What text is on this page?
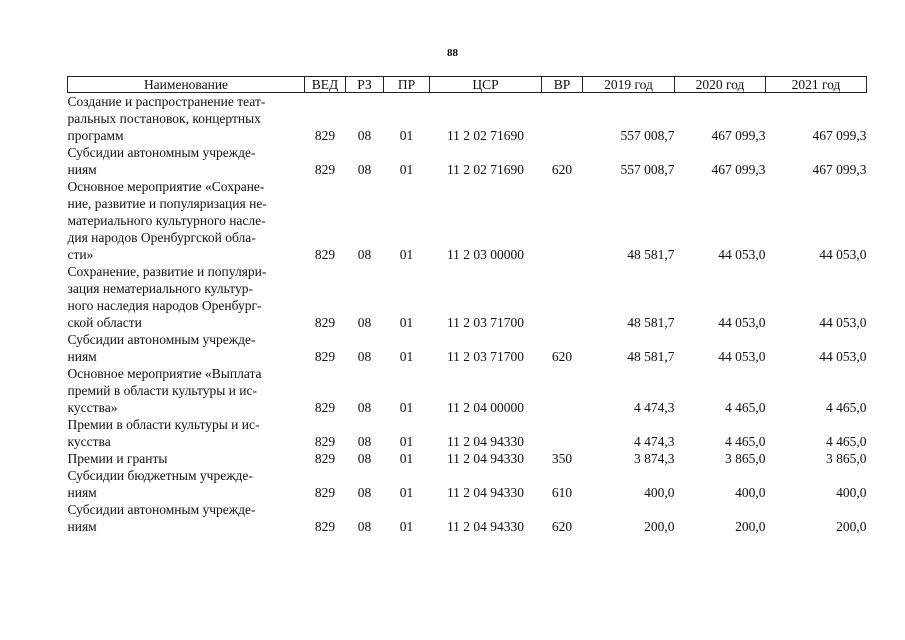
88
Наименование	ВЕД	РЗ	ПР	ЦСР	ВР	2019 год	2020 год	2021 год

Создание и распространение теат-
ральных постановок, концертных
программ	829	08	01	11 2 02 71690		557 008,7	467 099,3	467 099,3

Субсидии автономным учрежде-
ниям	829	08	01	11 2 02 71690	620	557 008,7	467 099,3	467 099,3

Основное мероприятие «Сохране-
ние, развитие и популяризация не-
материального культурного насле-
дия народов Оренбургской обла-
сти»	829	08	01	11 2 03 00000		48 581,7	44 053,0	44 053,0

Сохранение, развитие и популяри-
зация нематериального культур-
ного наследия народов Оренбург-
ской области	829	08	01	11 2 03 71700		48 581,7	44 053,0	44 053,0

Субсидии автономным учрежде-
ниям	829	08	01	11 2 03 71700	620	48 581,7	44 053,0	44 053,0

Основное мероприятие «Выплата
премий в области культуры и ис-
кусства»	829	08	01	11 2 04 00000		4 474,3	4 465,0	4 465,0

Премии в области культуры и ис-
кусства	829	08	01	11 2 04 94330		4 474,3	4 465,0	4 465,0

Премии и гранты	829	08	01	11 2 04 94330	350	3 874,3	3 865,0	3 865,0

Субсидии бюджетным учрежде-
ниям	829	08	01	11 2 04 94330	610	400,0	400,0	400,0

Субсидии автономным учрежде-
ниям	829	08	01	11 2 04 94330	620	200,0	200,0	200,0
